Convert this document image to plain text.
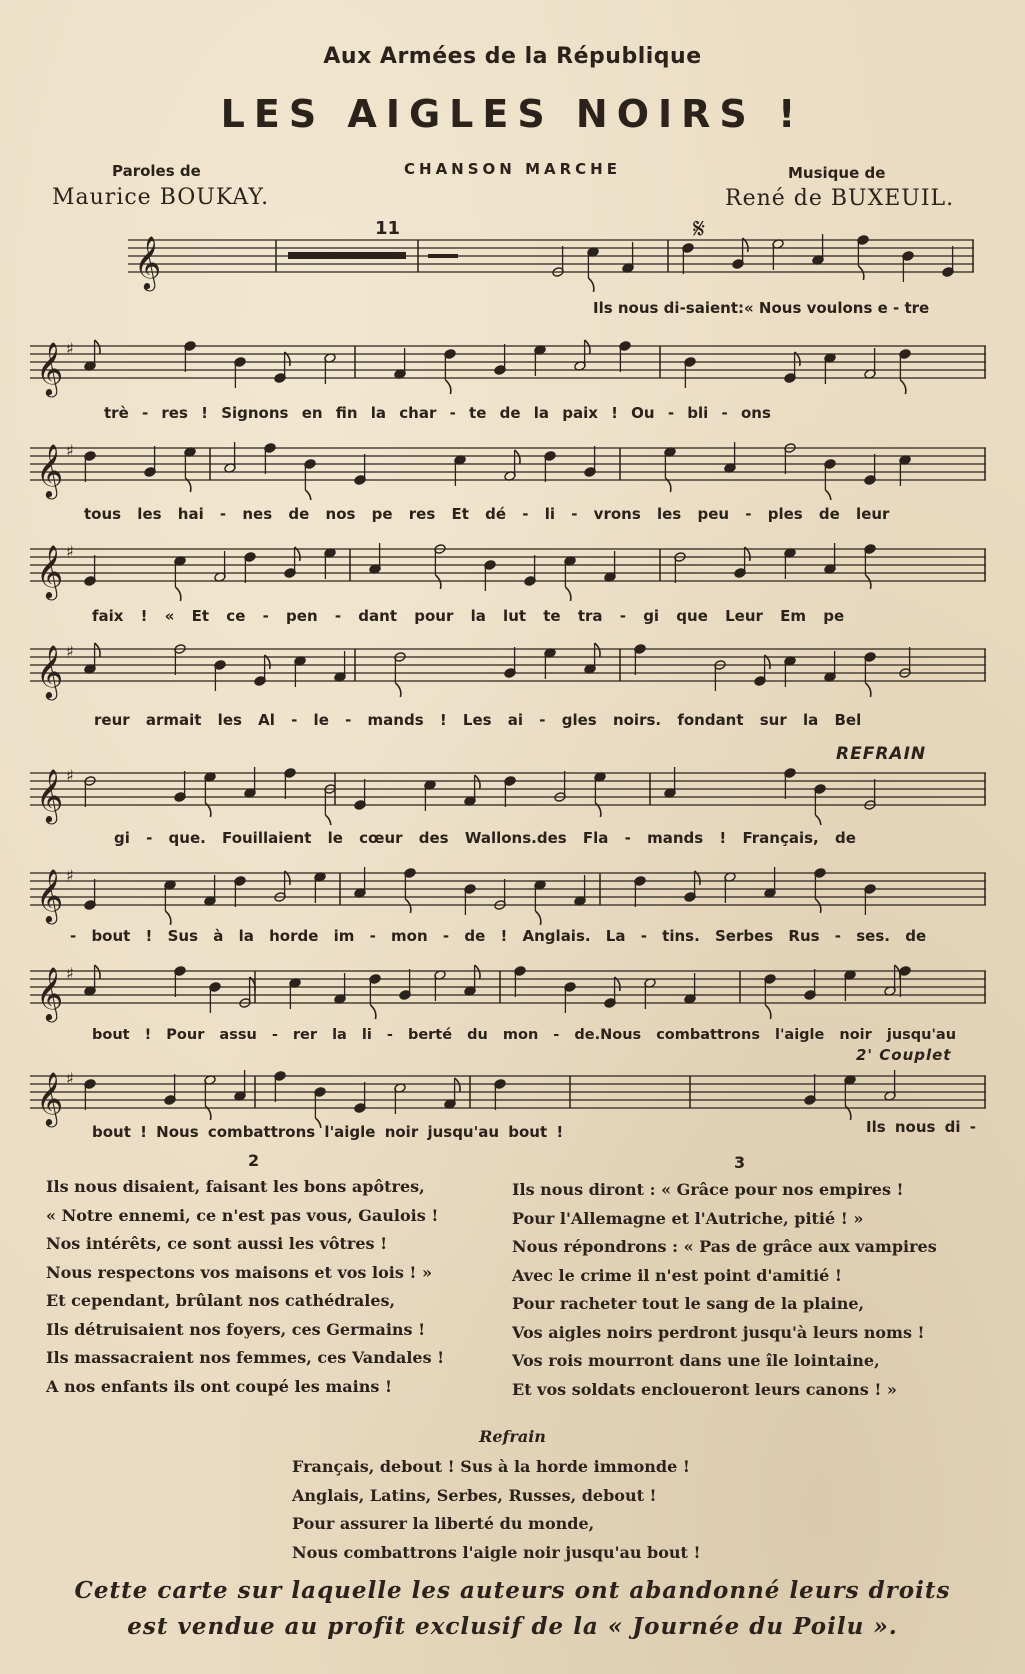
Aux Armées de la République
LES AIGLES NOIRS !
CHANSON MARCHE
Paroles de
Maurice BOUKAY.
Musique de
René de BUXEUIL.
𝄞
11	𝄋
Ils nous di-saient:« Nous voulons e - tre
𝄞 ♯
trè - res ! Signons en fin la char - te de la paix ! Ou - bli - ons
𝄞 ♯
tous les hai - nes de nos pe res Et dé - li - vrons les peu - ples de leur
𝄞 ♯
faix ! « Et ce - pen - dant pour la lut te tra - gi que Leur Em pe
𝄞 ♯
reur armait les Al - le - mands ! Les ai - gles noirs. fondant sur la Bel
REFRAIN
𝄞 ♯
gi - que. Fouillaient le cœur des Wallons.des Fla - mands ! Français, de
𝄞 ♯
- bout ! Sus à la horde im - mon - de ! Anglais. La - tins. Serbes Rus - ses. de
𝄞 ♯
bout ! Pour assu - rer la li - berté du mon - de.Nous combattrons l'aigle noir jusqu'au
2' Couplet
𝄞 ♯
bout ! Nous combattrons l'aigle noir jusqu'au bout !	Ils nous di -
2
Ils nous disaient, faisant les bons apôtres,
« Notre ennemi, ce n'est pas vous, Gaulois !
Nos intérêts, ce sont aussi les vôtres !
Nous respectons vos maisons et vos lois ! »
Et cependant, brûlant nos cathédrales,
Ils détruisaient nos foyers, ces Germains !
Ils massacraient nos femmes, ces Vandales !
A nos enfants ils ont coupé les mains !
3
Ils nous diront : « Grâce pour nos empires !
Pour l'Allemagne et l'Autriche, pitié ! »
Nous répondrons : « Pas de grâce aux vampires
Avec le crime il n'est point d'amitié !
Pour racheter tout le sang de la plaine,
Vos aigles noirs perdront jusqu'à leurs noms !
Vos rois mourront dans une île lointaine,
Et vos soldats encloueront leurs canons ! »
Refrain
Français, debout ! Sus à la horde immonde !
Anglais, Latins, Serbes, Russes, debout !
Pour assurer la liberté du monde,
Nous combattrons l'aigle noir jusqu'au bout !
Cette carte sur laquelle les auteurs ont abandonné leurs droits
est vendue au profit exclusif de la « Journée du Poilu ».
